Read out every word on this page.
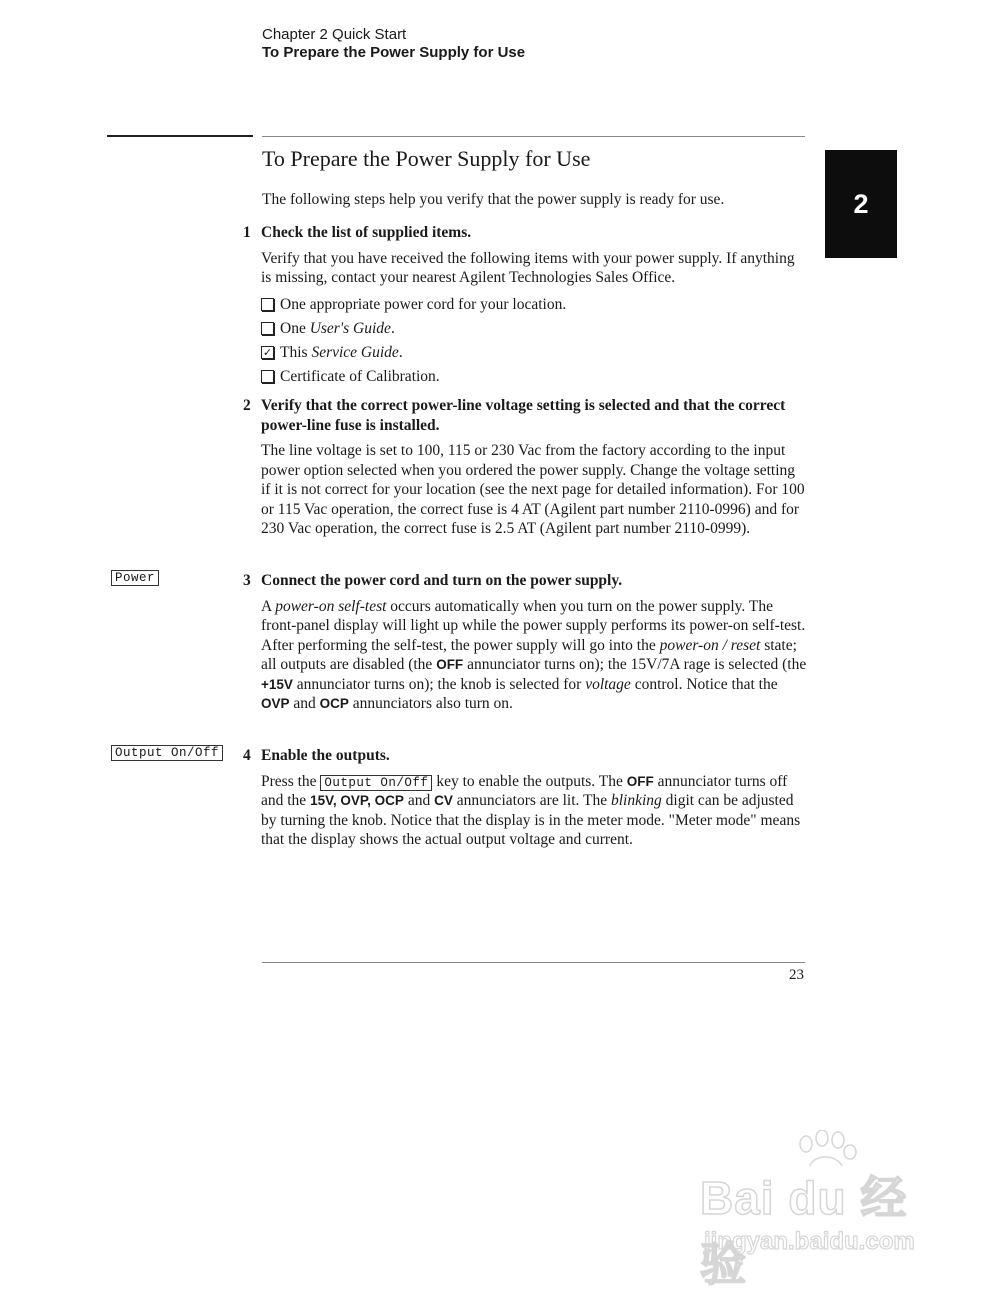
Chapter 2 Quick Start
To Prepare the Power Supply for Use
2
To Prepare the Power Supply for Use

The following steps help you verify that the power supply is ready for use.

1 Check the list of supplied items.

Verify that you have received the following items with your power supply. If anything is missing, contact your nearest Agilent Technologies Sales Office.

One appropriate power cord for your location.
One User's Guide.
✓ This Service Guide.
Certificate of Calibration.
2 Verify that the correct power-line voltage setting is selected and that the correct power-line fuse is installed.

The line voltage is set to 100, 115 or 230 Vac from the factory according to the input power option selected when you ordered the power supply. Change the voltage setting if it is not correct for your location (see the next page for detailed information). For 100 or 115 Vac operation, the correct fuse is 4 AT (Agilent part number 2110-0996) and for 230 Vac operation, the correct fuse is 2.5 AT (Agilent part number 2110-0999).

Power	3 Connect the power cord and turn on the power supply.

A power-on self-test occurs automatically when you turn on the power supply. The front-panel display will light up while the power supply performs its power-on self-test. After performing the self-test, the power supply will go into the power-on / reset state; all outputs are disabled (the OFF annunciator turns on); the 15V/7A rage is selected (the +15V annunciator turns on); the knob is selected for voltage control. Notice that the OVP and OCP annunciators also turn on.

Output On/Off 4 Enable the outputs.

Press the Output On/Off key to enable the outputs. The OFF annunciator turns off and the 15V, OVP, OCP and CV annunciators are lit. The blinking digit can be adjusted by turning the knob. Notice that the display is in the meter mode. "Meter mode" means that the display shows the actual output voltage and current.

23
Bai du 经验
jingyan.baidu.com
